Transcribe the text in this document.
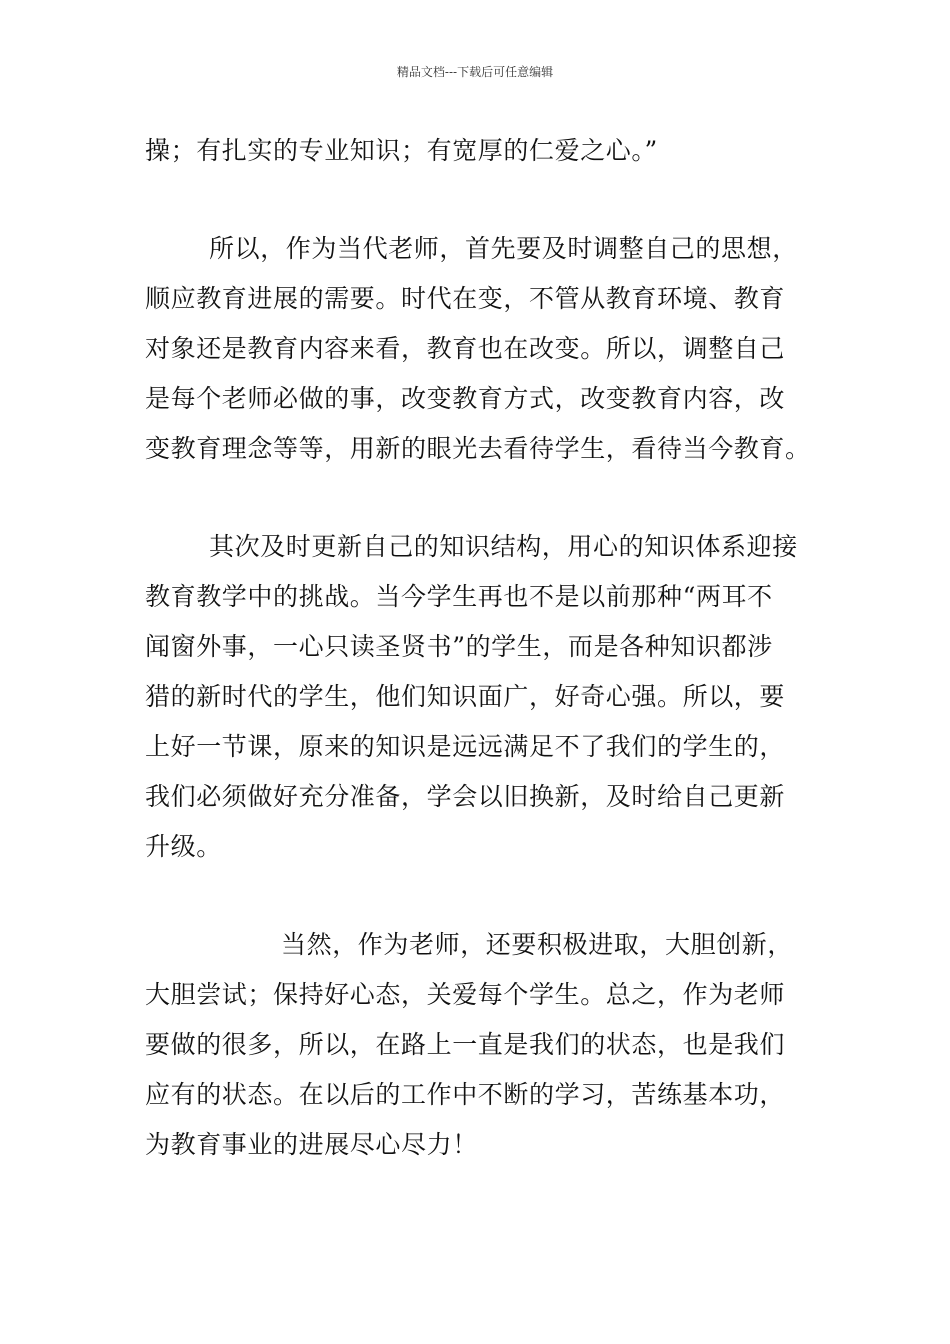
精品文档---下载后可任意编辑
操；有扎实的专业知识；有宽厚的仁爱之心。”
所以，作为当代老师，首先要及时调整自己的思想，
顺应教育进展的需要。时代在变，不管从教育环境、教育
对象还是教育内容来看，教育也在改变。所以，调整自己
是每个老师必做的事，改变教育方式，改变教育内容，改
变教育理念等等，用新的眼光去看待学生，看待当今教育。
其次及时更新自己的知识结构，用心的知识体系迎接
教育教学中的挑战。当今学生再也不是以前那种“两耳不
闻窗外事，一心只读圣贤书”的学生，而是各种知识都涉
猎的新时代的学生，他们知识面广，好奇心强。所以，要
上好一节课，原来的知识是远远满足不了我们的学生的，
我们必须做好充分准备，学会以旧换新，及时给自己更新
升级。
当然，作为老师，还要积极进取，大胆创新，
大胆尝试；保持好心态，关爱每个学生。总之，作为老师
要做的很多，所以，在路上一直是我们的状态，也是我们
应有的状态。在以后的工作中不断的学习，苦练基本功，
为教育事业的进展尽心尽力！
